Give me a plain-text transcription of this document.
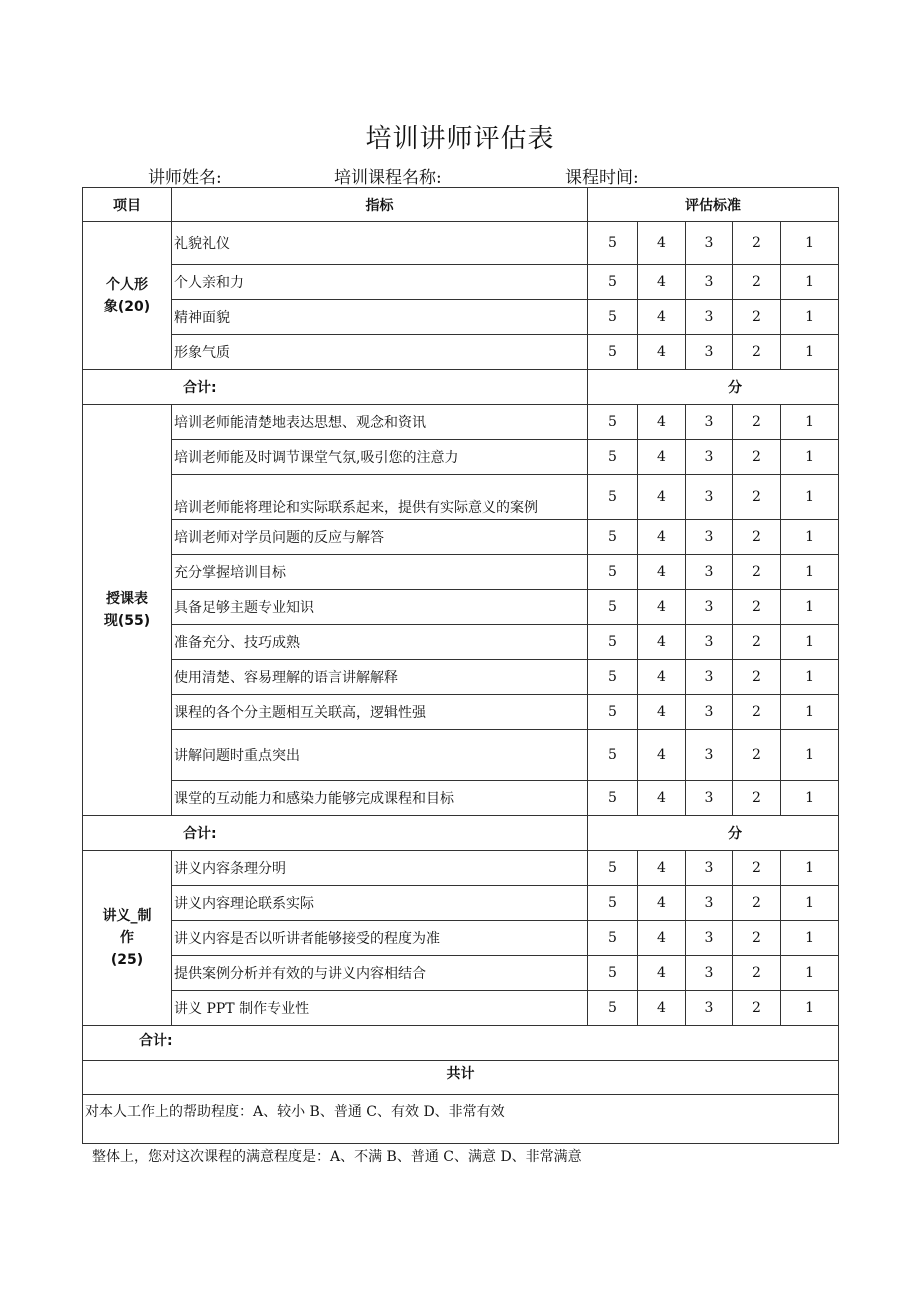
培训讲师评估表
讲师姓名:	培训课程名称:	课程时间:
项目	指标	评估标准				

个人形
象(20)	礼貌礼仪	5	4	3	2	1
	个人亲和力	5	4	3	2	1
	精神面貌	5	4	3	2	1
	形象气质	5	4	3	2	1
合计:		分				

授课表
现(55)	培训老师能清楚地表达思想、观念和资讯	5	4	3	2	1
	培训老师能及时调节课堂气氛,吸引您的注意力	5	4	3	2	1
	培训老师能将理论和实际联系起来，提供有实际意义的案例	5	4	3	2	1
	培训老师对学员问题的反应与解答	5	4	3	2	1
	充分掌握培训目标	5	4	3	2	1
	具备足够主题专业知识	5	4	3	2	1
	准备充分、技巧成熟	5	4	3	2	1
	使用清楚、容易理解的语言讲解解释	5	4	3	2	1
	课程的各个分主题相互关联高，逻辑性强	5	4	3	2	1
	讲解问题时重点突出	5	4	3	2	1
	课堂的互动能力和感染力能够完成课程和目标	5	4	3	2	1
合计:		分				

讲义_制
作
(25)	讲义内容条理分明	5	4	3	2	1
	讲义内容理论联系实际	5	4	3	2	1
	讲义内容是否以听讲者能够接受的程度为准	5	4	3	2	1
	提供案例分析并有效的与讲义内容相结合	5	4	3	2	1
	讲义 PPT 制作专业性	5	4	3	2	1
合计:						
共计						
对本人工作上的帮助程度：A、较小 B、普通 C、有效 D、非常有效						
整体上，您对这次课程的满意程度是：A、不满 B、普通 C、满意 D、非常满意
